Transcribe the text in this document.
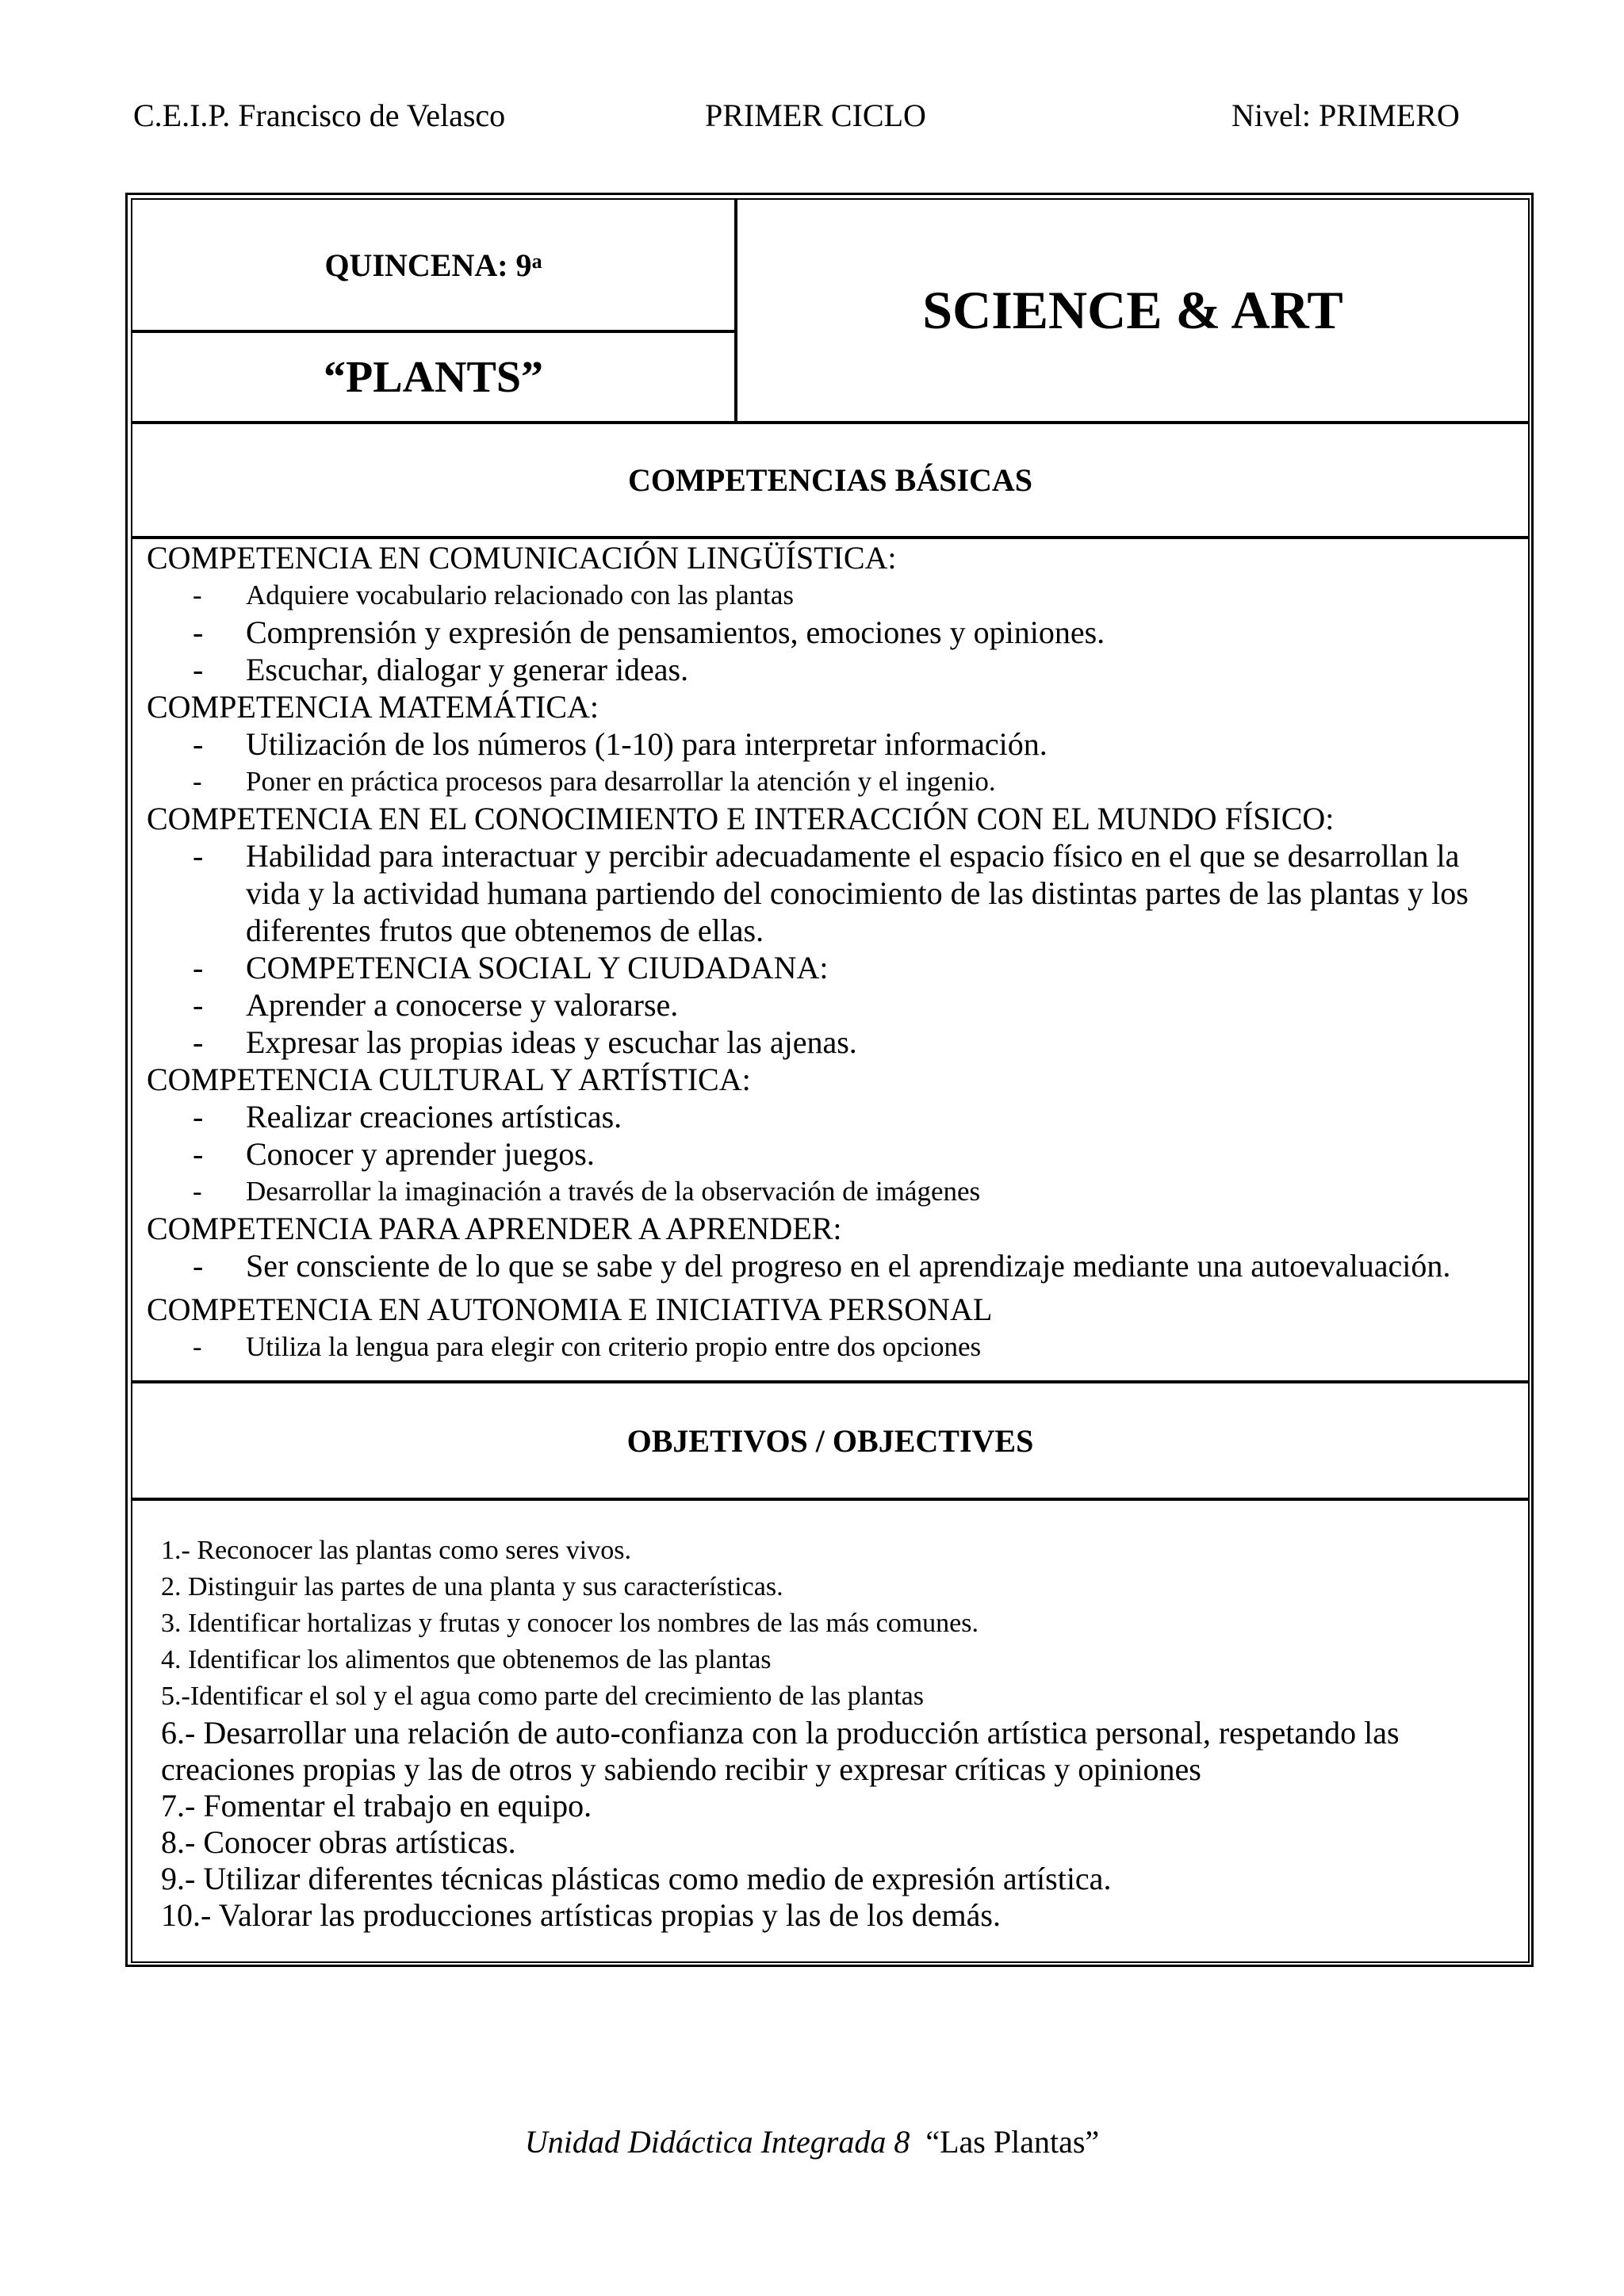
C.E.I.P. Francisco de Velasco	PRIMER CICLO	Nivel: PRIMERO
QUINCENA: 9$^a$
“PLANTS”
SCIENCE & ART
COMPETENCIAS BÁSICAS
COMPETENCIA EN COMUNICACIÓN LINGÜÍSTICA:
- Adquiere vocabulario relacionado con las plantas
- Comprensión y expresión de pensamientos, emociones y opiniones.
- Escuchar, dialogar y generar ideas.
COMPETENCIA MATEMÁTICA:
- Utilización de los números (1-10) para interpretar información.
- Poner en práctica procesos para desarrollar la atención y el ingenio.
COMPETENCIA EN EL CONOCIMIENTO E INTERACCIÓN CON EL MUNDO FÍSICO:
- Habilidad para interactuar y percibir adecuadamente el espacio físico en el que se desarrollan la vida y la actividad humana partiendo del conocimiento de las distintas partes de las plantas y los diferentes frutos que obtenemos de ellas.
- COMPETENCIA SOCIAL Y CIUDADANA:
- Aprender a conocerse y valorarse.
- Expresar las propias ideas y escuchar las ajenas.
COMPETENCIA CULTURAL Y ARTÍSTICA:
- Realizar creaciones artísticas.
- Conocer y aprender juegos.
- Desarrollar la imaginación a través de la observación de imágenes
COMPETENCIA PARA APRENDER A APRENDER:
- Ser consciente de lo que se sabe y del progreso en el aprendizaje mediante una autoevaluación.
COMPETENCIA EN AUTONOMIA E INICIATIVA PERSONAL
- Utiliza la lengua para elegir con criterio propio entre dos opciones
OBJETIVOS / OBJECTIVES
1.- Reconocer las plantas como seres vivos.
2. Distinguir las partes de una planta y sus características.
3. Identificar hortalizas y frutas y conocer los nombres de las más comunes.
4. Identificar los alimentos que obtenemos de las plantas
5.-Identificar el sol y el agua como parte del crecimiento de las plantas
6.- Desarrollar una relación de auto-confianza con la producción artística personal, respetando las creaciones propias y las de otros y sabiendo recibir y expresar críticas y opiniones
7.- Fomentar el trabajo en equipo.
8.- Conocer obras artísticas.
9.- Utilizar diferentes técnicas plásticas como medio de expresión artística.
10.- Valorar las producciones artísticas propias y las de los demás.
Unidad Didáctica Integrada 8 “Las Plantas”
